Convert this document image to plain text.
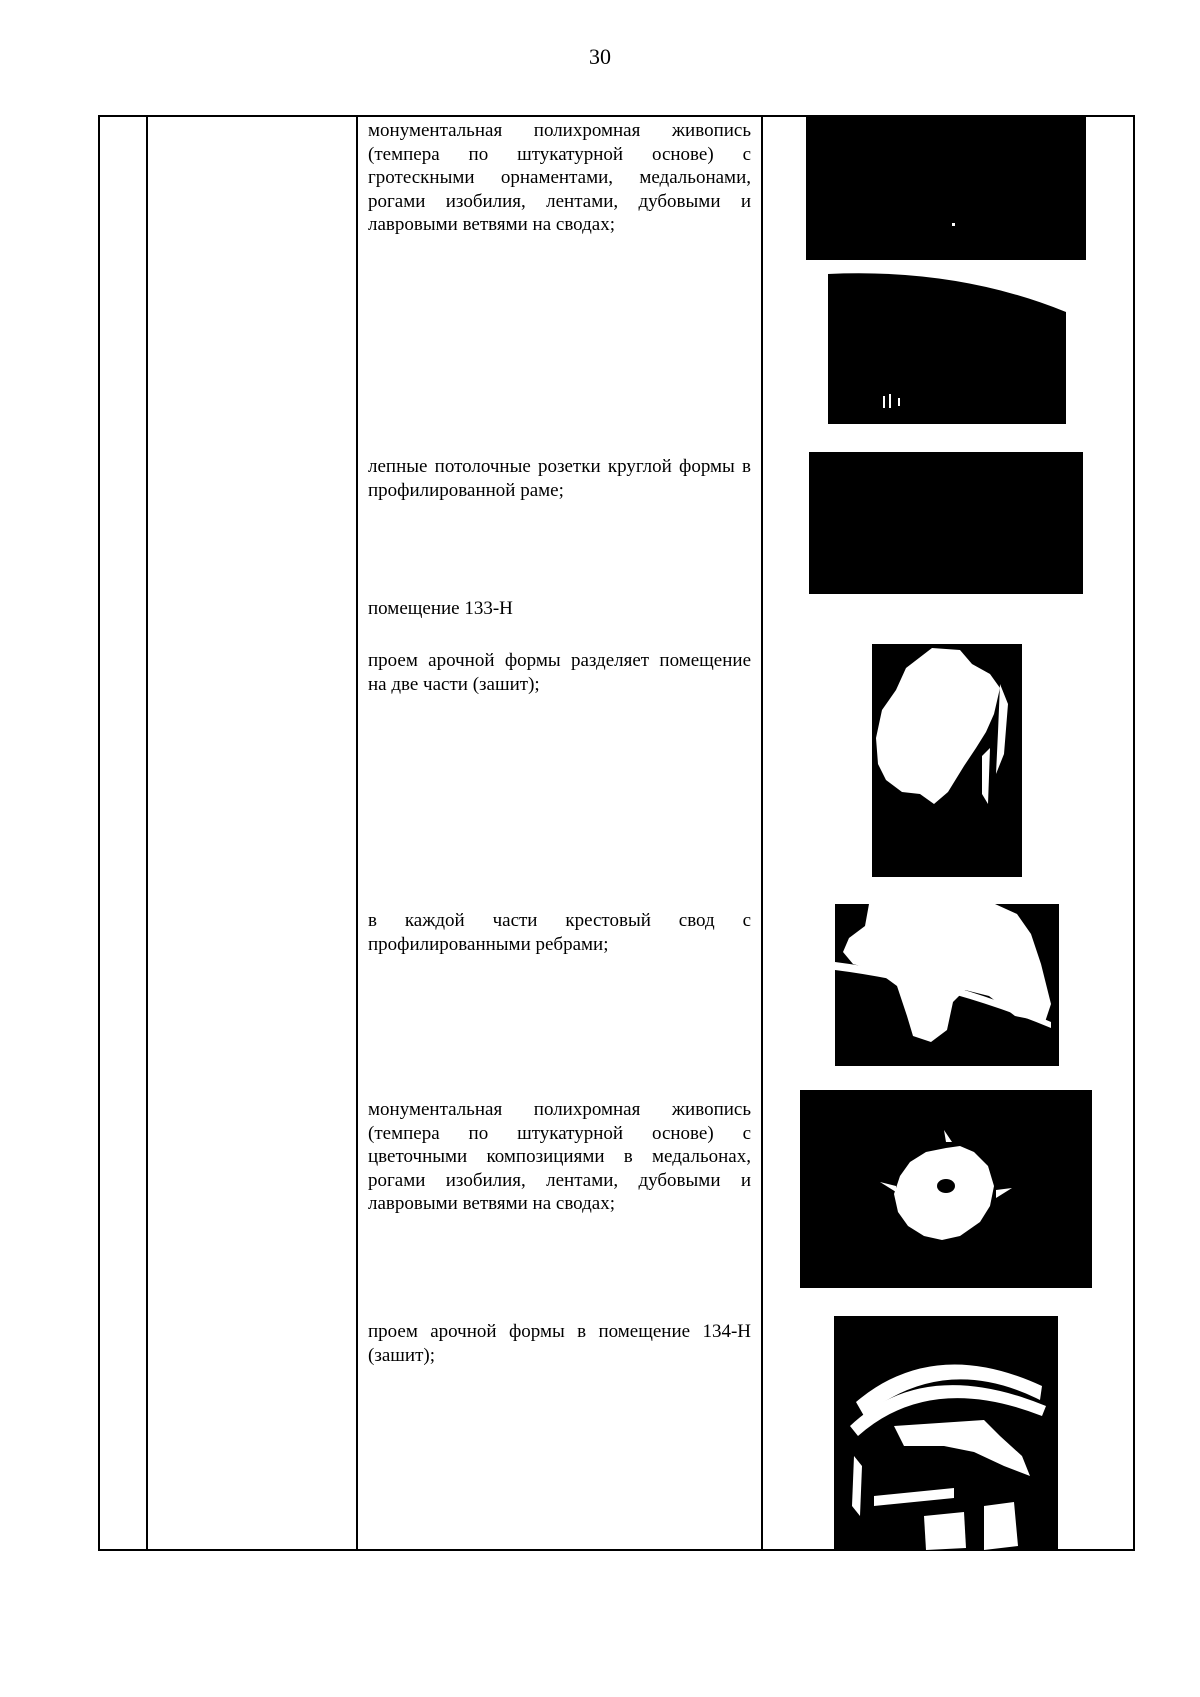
30
монументальная полихромная живопись (темпера по штукатурной основе) с гротескными орнаментами, медальонами, рогами изобилия, лентами, дубовыми и лавровыми ветвями на сводах;
лепные потолочные розетки круглой формы в профилированной раме;
помещение 133-Н
проем арочной формы разделяет помещение на две части (зашит);
в каждой части крестовый свод с профилированными ребрами;
монументальная полихромная живопись (темпера по штукатурной основе) с цветочными композициями в медальонах, рогами изобилия, лентами, дубовыми и лавровыми ветвями на сводах;
проем арочной формы в помещение 134-Н (зашит);
